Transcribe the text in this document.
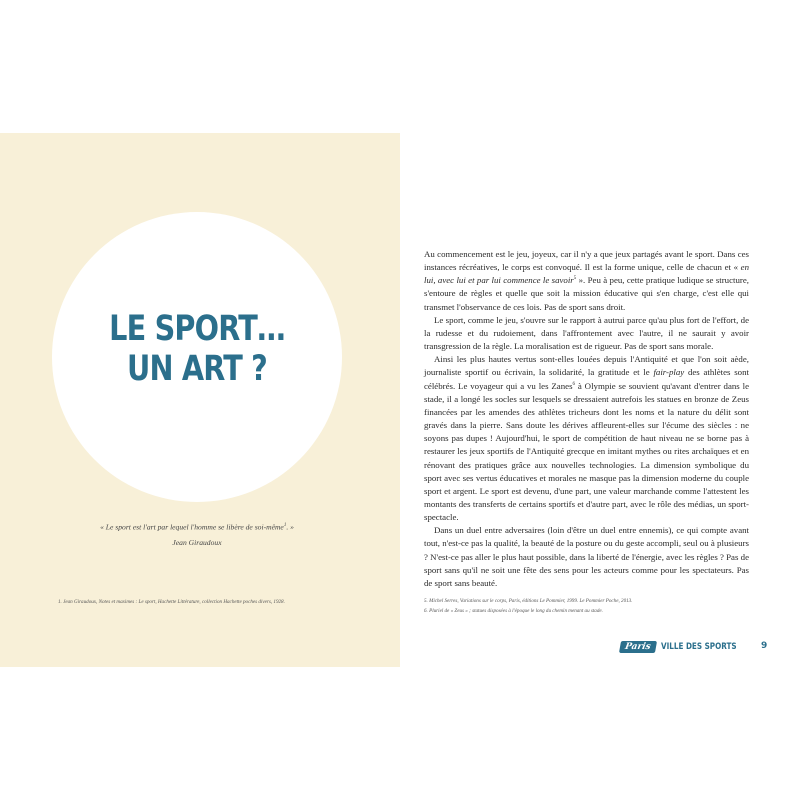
LE SPORT…
UN ART ?
« Le sport est l'art par lequel l'homme se libère de soi-même$^1$. »
Jean Giraudoux
1. Jean Giraudoux, Notes et maximes : Le sport, Hachette Littérature, collection Hachette poches divers, 1928.

Au commencement est le jeu, joyeux, car il n'y a que jeux partagés avant le sport. Dans ces instances récréatives, le corps est convoqué. Il est la forme unique, celle de chacun et « en lui, avec lui et par lui commence le savoir$^5$ ». Peu à peu, cette pratique ludique se structure, s'entoure de règles et quelle que soit la mission éducative qui s'en charge, c'est elle qui transmet l'observance de ces lois. Pas de sport sans droit.

Le sport, comme le jeu, s'ouvre sur le rapport à autrui parce qu'au plus fort de l'effort, de la rudesse et du rudoiement, dans l'affrontement avec l'autre, il ne saurait y avoir transgression de la règle. La moralisation est de rigueur. Pas de sport sans morale.

Ainsi les plus hautes vertus sont-elles louées depuis l'Antiquité et que l'on soit aède, journaliste sportif ou écrivain, la solidarité, la gratitude et le fair-play des athlètes sont célébrés. Le voyageur qui a vu les Zanes$^6$ à Olympie se souvient qu'avant d'entrer dans le stade, il a longé les socles sur lesquels se dressaient autrefois les statues en bronze de Zeus financées par les amendes des athlètes tricheurs dont les noms et la nature du délit sont gravés dans la pierre. Sans doute les dérives affleurent-elles sur l'écume des siècles : ne soyons pas dupes ! Aujourd'hui, le sport de compétition de haut niveau ne se borne pas à restaurer les jeux sportifs de l'Antiquité grecque en imitant mythes ou rites archaïques et en rénovant des pratiques grâce aux nouvelles technologies. La dimension symbolique du sport avec ses vertus éducatives et morales ne masque pas la dimension moderne du couple sport et argent. Le sport est devenu, d'une part, une valeur marchande comme l'attestent les montants des transferts de certains sportifs et d'autre part, avec le rôle des médias, un sport-spectacle.

Dans un duel entre adversaires (loin d'être un duel entre ennemis), ce qui compte avant tout, n'est-ce pas la qualité, la beauté de la posture ou du geste accompli, seul ou à plusieurs ? N'est-ce pas aller le plus haut possible, dans la liberté de l'énergie, avec les règles ? Pas de sport sans qu'il ne soit une fête des sens pour les acteurs comme pour les spectateurs. Pas de sport sans beauté.

5. Michel Serres, Variations sur le corps, Paris, éditions Le Pommier, 1999. Le Pommier Poche, 2013.
6. Pluriel de « Zeus » ; statues disposées à l'époque le long du chemin menant au stade.
Paris	VILLE DES SPORTS	9
